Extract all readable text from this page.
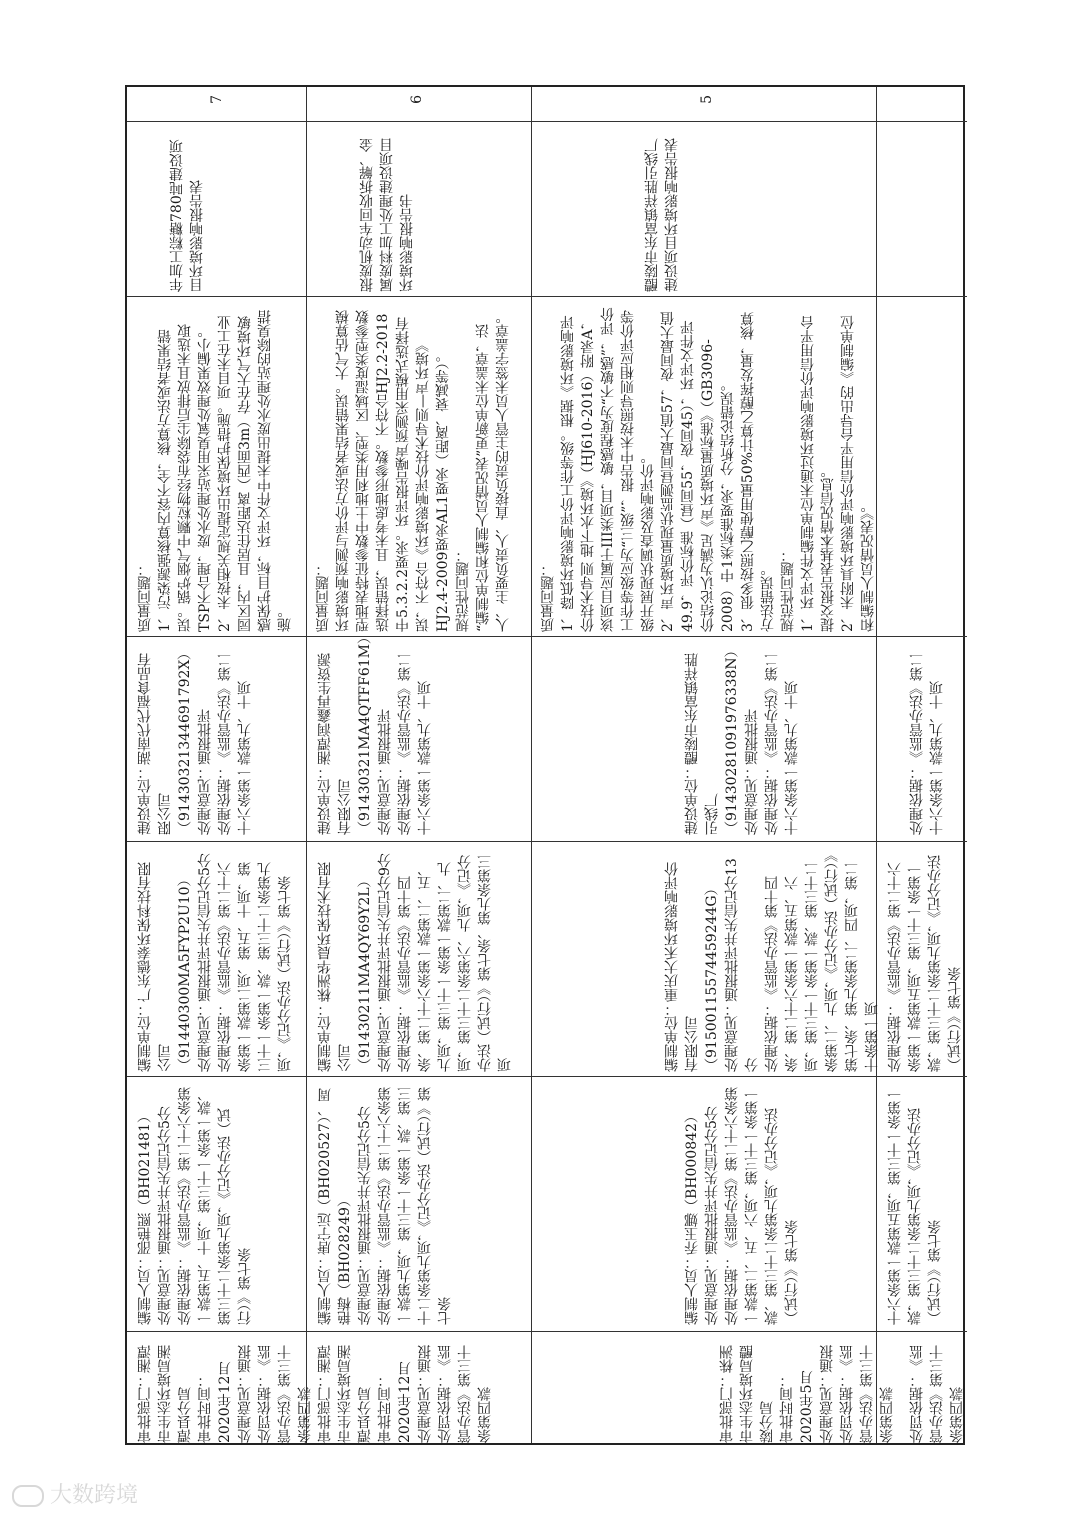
7
年加工粽糖780吨建设项目环境影响报告表
质量问题：
1、污染源强核算内容不全，核算方法或者结果错误。锅炉烟气中颗粒物经布袋除尘后排放且未选取TSP不合理，废水处理站采用臭氧处理效果偏小。
2、未按相关规定提出环境保护措施。项目未在工业园区内，且居住达距离（西面3m）存在大气环境敏感保护目标，环评文件中未提出废水处理站的除臭措施。
建设单位：湖南代代福食品有限公司（91430321344691792X）
处理意见：通报批评
处理依据：《监管办法》第二十六条第一款第九、十项
编制单位：广东德泰环保科技有限公司（91440300MA5FYP2U10）
处理意见：通报批评并失信记分5分
处理依据：《监管办法》第二十六条第一款第二项、第五、十项，第三十一条第一款、第三十二条第九项，《记分办法（试行）》第七条
编制人员：邵艳熙（BH021481）
处理意见：通报批评并失信记分5分
处理依据：《监管办法》第二十六条第一款第五、十项，第三十一条第一款、第三十二条第九项，《记分办法（试行）》第七条
审批部门：湘潭市生态环境局湘潭县分局
审批时间：2020年12月
处理意见：通报
处罚依据：《监管办法》第三十条第四款
6
报废机动车回收拆解、金属废料加工处理建设项目环境影响报告书
质量问题：
环境影响预测与评价方法或者结果错误。大气估算模型地表特征参数中土地利用类型、区域湿度类型参数选择错误，且未考虑地形参数。不符合HJ2.2-2018中5.3.2.2要求。环评报告噪声预测采用模式选择有误，不符合《环境影响评价技术导则—声环境》HJ2.4-2009要求AL1要求（距离、衰减等）。
规范性问题：
“编制单位和编制人员情况表”更新单位未盖章，法人、主要负责人、直接负责的主管人员未签字盖章。
建设单位：湘潭润鑫再生资源有限公司（91430321MA4QTFF61M）
处理意见：通报批评
处理依据：《监管办法》第二十六条第一款第九、十项
编制单位：株洲华晨环保技术有限公司（91430211MA4QY69Y2L）
处理意见：通报批评并失信记分9分
处理依据：《监管办法》第十四条、第二十六条第一款第二、五、九项，第三十一条第一款第二、九项，第三十二条第六、九项，《记分办法（试行）》第七条、第九条第三项
编制人员：唐宁远（BH020527）、周艳梅（BH028249）
处理意见：通报批评并失信记分5分
处理依据：《监管办法》第二十六条第一款第九项，第三十一条第一款、第三十二条第九项，《记分办法（试行）》第七条
审批部门：湘潭市生态环境局湘潭县分局
审批时间：2020年12月
处理意见：通报
处罚依据：《监管办法》第三十条第四款
5
醴陵市东富镇祥胜引线厂建设项目环境影响报告表
质量问题：
1、降低环境影响评价工作等级。根据《环境影响评价技术导则 地下水环境》（HJ610-2016）附录A，该项目应属于III类项目，敏感程度为“不敏感”，评价工作等级应为“三级”，报告中未按照导则相应评价等级开展现状调查及影响评价。
2、声环境质量现状监测昼间最大值57，夜间最大值49.9，评价标准（昼间55，夜间45），环评文件评价结论认为满足《声环境质量标准》（GB3096-2008）中1类标准要求，分析结论错误。
3、很多按照乙醇使用量50%计算乙醇挥发量，核算方法错误。
规范性问题：
1、环评文件编制单位未通过环境影响评价信用平台提交报告表基本情况信息。
2、未附具环境影响评价信用平台导出的《编制单位和编制人员情况表》。
建设单位：醴陵市东富镇祥胜引线厂（91430281091976338N）
处理意见：通报批评
处理依据：《监管办法》第二十六条第一款第九、十项
编制单位：重庆大禾环境影响评价有限公司（91500115574459244G）
处理意见：通报批评并失信记分13分
处理依据：《监管办法》第十四条、第二十六条第一款第五、六项，第三十一条第一款、第三十二条第二、九项，《记分办法（试行）》第七条、第九条第二、四项，第二十条第一项
编制人员：乔玉娜（BH000842）
处理意见：通报批评并失信记分5分
处理依据：《监管办法》第二十六条第一款第二、五、六项，第三十一条第一款、第三十二条第九项，《记分办法（试行）》第七条
审批部门：株洲市生态环境局醴陵分局
审批时间：2020年5月
处理意见：通报
处罚依据：《监管办法》第三十条第四款
处理依据：《监管办法》第二十六条第一款第九、十项
处理依据：《监管办法》第二十六条第一款第五项，第三十一条第一款，第三十二条第九项，《记分办法（试行）》第七条
十六条第一款第五项，第三十一条第一款，第三十二条第九项，《记分办法（试行）》第七条
处罚依据：《监管办法》第三十条第四款
大数跨境
